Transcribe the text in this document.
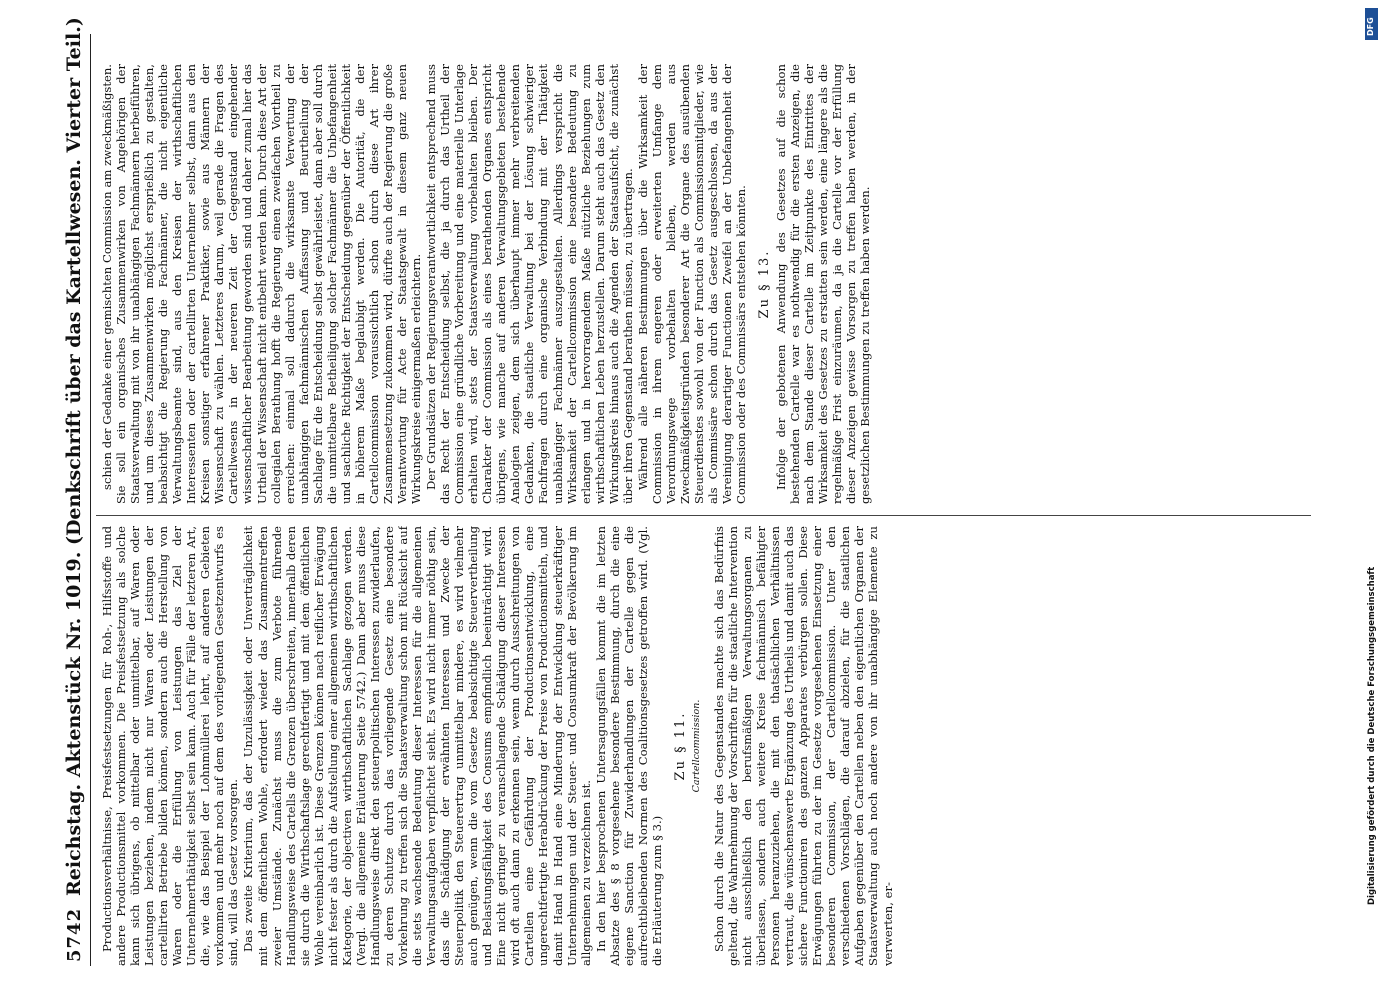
5742
Reichstag. Aktenstück Nr. 1019. (Denkschrift über das Kartellwesen. Vierter Teil.) Productionsverhältnisse, Preisfestsetzungen für Roh-, Hilfsstoffe und andere Productionsmittel vorkommen. Die Preisfestsetzung als solche kann sich übrigens, ob mittelbar oder unmittelbar, auf Waren oder Leistungen beziehen, indem nicht nur Waren oder Leistungen der cartellirten Betriebe bilden können, sondern auch die Herstellung von Waren oder die Erfüllung von Leistungen das Ziel der Unternehmerthätigkeit selbst sein kann. Auch für Fälle der letzteren Art, die, wie das Beispiel der Lohnmüllerei lehrt, auf anderen Gebieten vorkommen und mehr noch auf dem des vorliegenden Gesetzentwurfs es sind, will das Gesetz vorsorgen. Das zweite Kriterium, das der Unzulässigkeit oder Unverträglichkeit mit dem öffentlichen Wohle, erfordert wieder das Zusammentreffen zweier Umstände. Zunächst muss die zum Verbote führende Handlungsweise des Cartells die Grenzen überschreiten, innerhalb deren sie durch die Wirthschaftslage gerechtfertigt und mit dem öffentlichen Wohle vereinbarlich ist. Diese Grenzen können nach reiflicher Erwägung nicht fester als durch die Aufstellung einer allgemeinen wirthschaftlichen Kategorie, der objectiven wirthschaftlichen Sachlage gezogen werden. (Vergl. die allgemeine Erläuterung Seite 5742.) Dann aber muss diese Handlungsweise direkt den steuerpolitischen Interessen zuwiderlaufen, zu deren Schutze durch das vorliegende Gesetz eine besondere Vorkehrung zu treffen sich die Staatsverwaltung schon mit Rücksicht auf die stets wachsende Bedeutung dieser Interessen für die allgemeinen Verwaltungsaufgaben verpflichtet sieht. Es wird nicht immer nöthig sein, dass die Schädigung der erwähnten Interessen und Zwecke der Steuerpolitik den Steuerertrag unmittelbar mindere, es wird vielmehr auch genügen, wenn die vom Gesetze beabsichtigte Steuervertheilung und Belastungsfähigkeit des Consums empfindlich beeinträchtigt wird. Eine nicht geringer zu veranschlagende Schädigung dieser Interessen wird oft auch dann zu erkennen sein, wenn durch Ausschreitungen von Cartellen eine Gefährdung der Productionsentwicklung, eine ungerechtfertigte Herabdrückung der Preise von Productionsmitteln, und damit Hand in Hand eine Minderung der Entwicklung steuerkräftiger Unternehmungen und der Steuer- und Consumkraft der Bevölkerung im allgemeinen zu verzeichnen ist. In den hier besprochenen Untersagungsfällen kommt die im letzten Absatze des § 8 vorgesehene besondere Bestimmung, durch die eine eigene Sanction für Zuwiderhandlungen der Cartelle gegen die aufrechtbleibenden Normen des Coalitionsgesetzes getroffen wird. (Vgl. die Erläuterung zum § 3.)

Zu § 11. Cartellcommission. Schon durch die Natur des Gegenstandes machte sich das Bedürfnis geltend, die Wahrnehmung der Vorschriften für die staatliche Intervention nicht ausschließlich den berufsmäßigen Verwaltungsorganen zu überlassen, sondern auch weitere Kreise fachmännisch befähigter Personen heranzuziehen, die mit den thatsächlichen Verhältnissen vertraut, die wünschenswerte Ergänzung des Urtheils und damit auch das sichere Functioniren des ganzen Apparates verbürgen sollen. Diese Erwägungen führten zu der im Gesetze vorgesehenen Einsetzung einer besonderen Commission, der Cartellcommission. Unter den verschiedenen Vorschlägen, die darauf abzielen, für die staatlichen Aufgaben gegenüber den Cartellen neben den eigentlichen Organen der Staatsverwaltung auch noch andere von ihr unabhängige Elemente zu verwerten, er-

schien der Gedanke einer gemischten Commission am zweckmäßigsten. Sie soll ein organisches Zusammenwirken von Angehörigen der Staatsverwaltung mit von ihr unabhängigen Fachmännern herbeiführen, und um dieses Zusammenwirken möglichst ersprießlich zu gestalten, beabsichtigt die Regierung die Fachmänner, die nicht eigentliche Verwaltungsbeamte sind, aus den Kreisen der wirthschaftlichen Interessenten oder der cartellirten Unternehmer selbst, dann aus den Kreisen sonstiger erfahrener Praktiker, sowie aus Männern der Wissenschaft zu wählen. Letzteres darum, weil gerade die Fragen des Cartellwesens in der neueren Zeit der Gegenstand eingehender wissenschaftlicher Bearbeitung geworden sind und daher zumal hier das Urtheil der Wissenschaft nicht entbehrt werden kann. Durch diese Art der collegialen Berathung hofft die Regierung einen zweifachen Vortheil zu erreichen: einmal soll dadurch die wirksamste Verwertung der unabhängigen fachmännischen Auffassung und Beurtheilung der Sachlage für die Entscheidung selbst gewährleistet, dann aber soll durch die unmittelbare Betheiligung solcher Fachmänner die Unbefangenheit und sachliche Richtigkeit der Entscheidung gegenüber der Öffentlichkeit in höherem Maße beglaubigt werden. Die Autorität, die der Cartellcommission voraussichtlich schon durch diese Art ihrer Zusammensetzung zukommen wird, dürfte auch der Regierung die große Verantwortung für Acte der Staatsgewalt in diesem ganz neuen Wirkungskreise einigermaßen erleichtern. Der Grundsätzen der Regierungsverantwortlichkeit entsprechend muss das Recht der Entscheidung selbst, die ja durch das Urtheil der Commission eine gründliche Vorbereitung und eine materielle Unterlage erhalten wird, stets der Staatsverwaltung vorbehalten bleiben. Der Charakter der Commission als eines berathenden Organes entspricht übrigens, wie manche auf anderen Verwaltungsgebieten bestehende Analogien zeigen, dem sich überhaupt immer mehr verbreitenden Gedanken, die staatliche Verwaltung bei der Lösung schwieriger Fachfragen durch eine organische Verbindung mit der Thätigkeit unabhängiger Fachmänner auszugestalten. Allerdings verspricht die Wirksamkeit der Cartellcommission eine besondere Bedeutung zu erlangen und in hervorragendem Maße nützliche Beziehungen zum wirthschaftlichen Leben herzustellen. Darum steht auch das Gesetz den Wirkungskreis hinaus auch die Agenden der Staatsaufsicht, die zunächst über ihren Gegenstand berathen müssen, zu übertragen. Während alle näheren Bestimmungen über die Wirksamkeit der Commission in ihrem engeren oder erweiterten Umfange dem Verordnungswege vorbehalten bleiben, werden aus Zweckmäßigkeitsgründen besonderer Art die Organe des ausübenden Steuerdienstes sowohl von der Function als Commissionsmitglieder, wie als Commissäre schon durch das Gesetz ausgeschlossen, da aus der Vereinigung derartiger Functionen Zweifel an der Unbefangenheit der Commission oder des Commissärs entstehen könnten. Zu § 13. Infolge der gebotenen Anwendung des Gesetzes auf die schon bestehenden Cartelle war es nothwendig für die ersten Anzeigen, die nach dem Stande dieser Cartelle im Zeitpunkte des Eintrittes der Wirksamkeit des Gesetzes zu erstatten sein werden, eine längere als die regelmäßige Frist einzuräumen, da ja die Cartelle vor der Erfüllung dieser Anzeigen gewisse Vorsorgen zu treffen haben werden, in der gesetzlichen Bestimmungen zu treffen haben werden.

Digitalisierung gefördert durch die Deutsche Forschungsgemeinschaft
DFG
